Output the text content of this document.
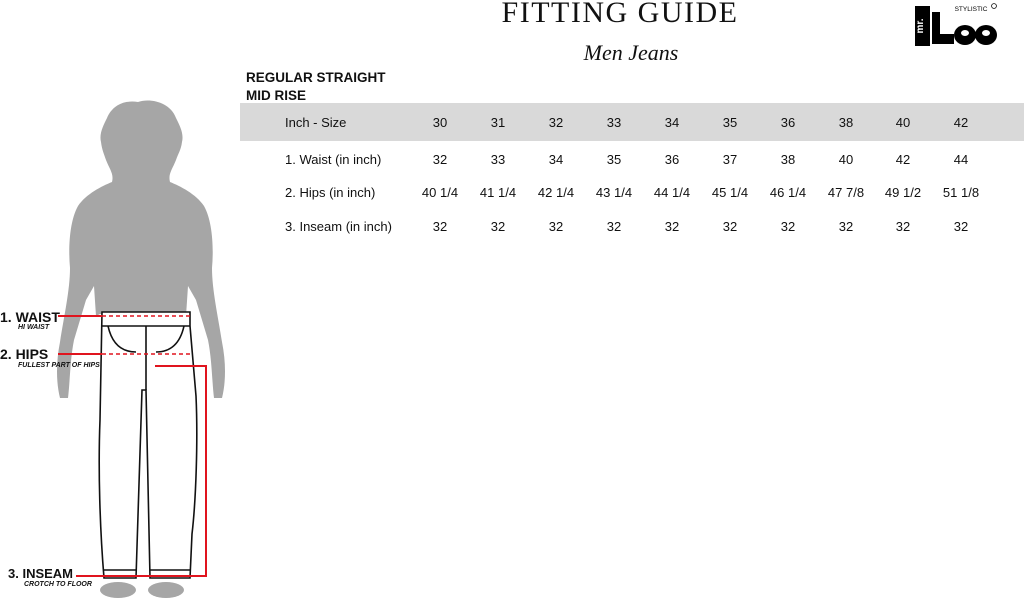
FITTING GUIDE
Men Jeans
mr.
STYLISTIC
REGULAR STRAIGHT
MID RISE
Inch - Size	30	31	32	33	34	35	36	38	40	42
1. Waist (in inch)	32	33	34	35	36	37	38	40	42	44
2. Hips (in inch)	40 1/4	41 1/4	42 1/4	43 1/4	44 1/4	45 1/4	46 1/4	47 7/8	49 1/2	51 1/8
3. Inseam (in inch)	32	32	32	32	32	32	32	32	32	32
1. WAIST
HI WAIST
2. HIPS
FULLEST PART OF HIPS
3. INSEAM
CROTCH TO FLOOR
